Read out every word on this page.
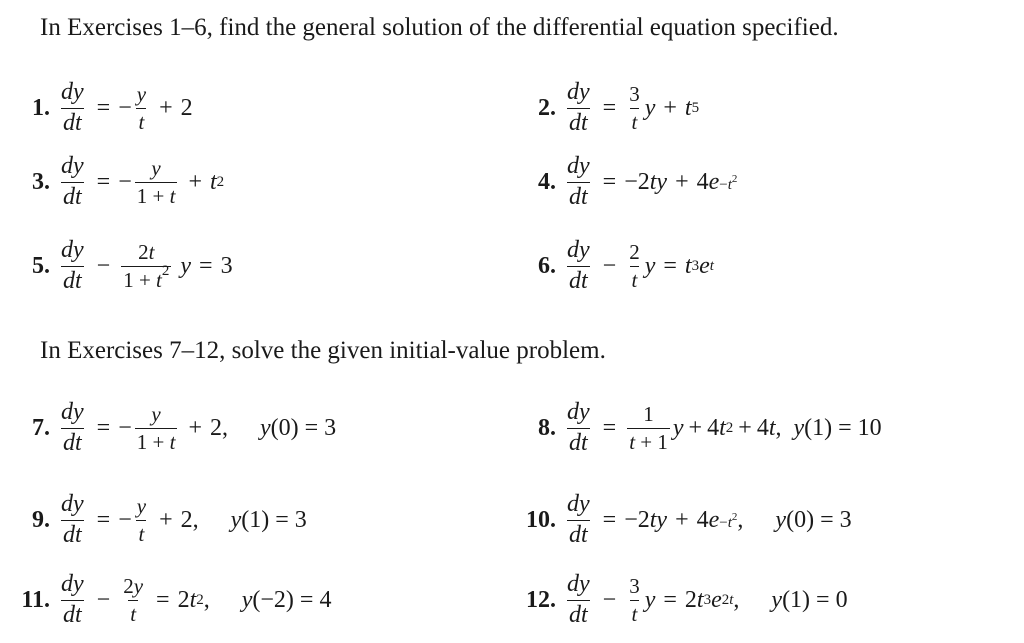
In Exercises 1–6, find the general solution of the differential equation specified.
1. $\frac{dy}{dt}$ = − $\frac{y}{t} + 2$	2. $\frac{dy}{dt} = \frac{3}{t}$ y + t 5
3. $\frac{dy}{dt}$ = − $\frac{y}{1 + t} + t$ 2	4. $\frac{dy}{dt} = -2$ ty + 4 $e -t^2$
5. $\frac{dy}{dt} - \frac{2t}{1 + t^2}$ y = 3	6. $\frac{dy}{dt} - \frac{2}{t}$ y = t 3 e t
In Exercises 7–12, solve the given initial-value problem.
7. $\frac{dy}{dt}$ = − $\frac{y}{1 + t} + 2$, y(0) = 3	8. $\frac{dy}{dt} = \frac{1}{t + 1}$ y + 4 t 2 + 4 t , y(1) = 10
9. $\frac{dy}{dt}$ = − $\frac{y}{t} + 2$, y(1) = 3	10. $\frac{dy}{dt} = -2$ ty + 4 $e -t^2$ , y(0) = 3
11. $\frac{dy}{dt} - \frac{2y}{t} = 2$ t 2 , y(−2) = 4	12. $\frac{dy}{dt} - \frac{3}{t}$ y = 2 t 3 e 2t , y(1) = 0
